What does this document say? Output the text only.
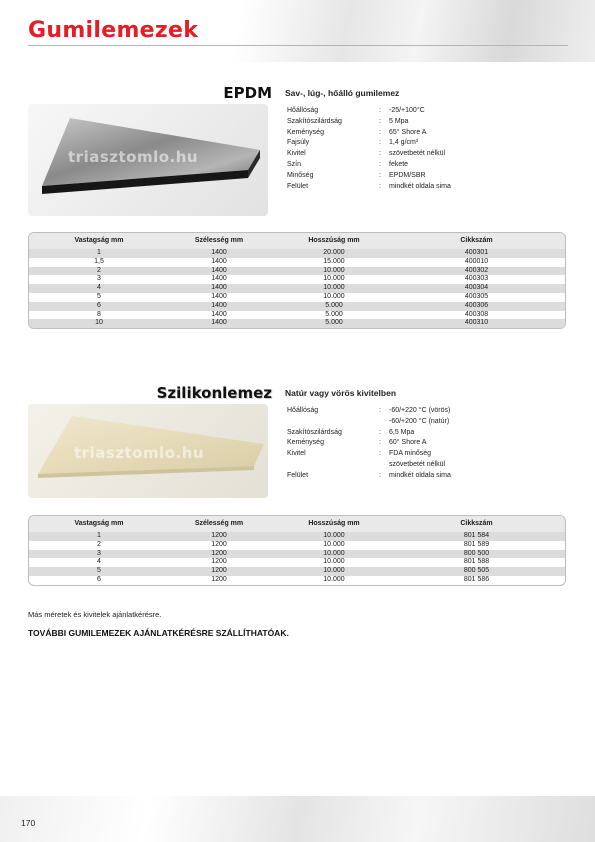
Gumilemezek
EPDM Sav-, lúg-, hőálló gumilemez
triasztomlo.hu
Hőállóság	:	-25/+100°C
Szakítószilárdság	:	5 Mpa
Keménység	:	65° Shore A
Fajsúly	:	1,4 g/cm³
Kivitel	:	szövetbetét nélkül
Szín	:	fekete
Minőség	:	EPDM/SBR
Felület	:	mindkét oldala sima
Vastagság mm	Szélesség mm	Hosszúság mm	Cikkszám
1	1400	20.000	400301
1,5	1400	15.000	400010
2	1400	10.000	400302
3	1400	10.000	400303
4	1400	10.000	400304
5	1400	10.000	400305
6	1400	5.000	400306
8	1400	5.000	400308
10	1400	5.000	400310
Szilikonlemez Natúr vagy vörös kivitelben
triasztomlo.hu
Hőállóság	:	-60/+220 °C (vörös)
-60/+200 °C (natúr)
Szakítószilárdság	:	6,5 Mpa
Keménység	:	60° Shore A
Kivitel	:	FDA minőség
szövetbetét nélkül
Felület	:	mindkét oldala sima
Vastagság mm	Szélesség mm	Hosszúság mm	Cikkszám
1	1200	10.000	801 584
2	1200	10.000	801 589
3	1200	10.000	800 500
4	1200	10.000	801 588
5	1200	10.000	800 505
6	1200	10.000	801 586
Más méretek és kivitelek ajánlatkérésre.
TOVÁBBI GUMILEMEZEK AJÁNLATKÉRÉSRE SZÁLLÍTHATÓAK.
170
